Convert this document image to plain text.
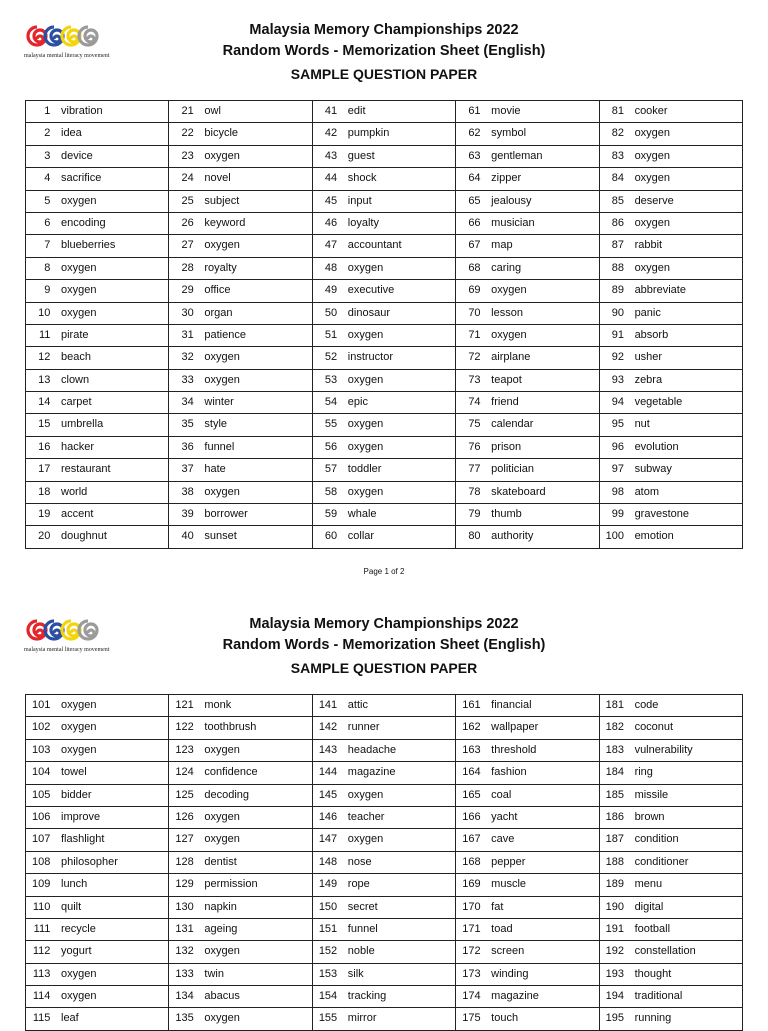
malaysia mental literacy movement
Malaysia Memory Championships 2022
Random Words - Memorization Sheet (English)
SAMPLE QUESTION PAPER
1 vibration	21 owl	41 edit	61 movie	81 cooker

2 idea	22 bicycle	42 pumpkin	62 symbol	82 oxygen

3 device	23 oxygen	43 guest	63 gentleman	83 oxygen

4 sacrifice	24 novel	44 shock	64 zipper	84 oxygen

5 oxygen	25 subject	45 input	65 jealousy	85 deserve

6 encoding	26 keyword	46 loyalty	66 musician	86 oxygen

7 blueberries	27 oxygen	47 accountant	67 map	87 rabbit

8 oxygen	28 royalty	48 oxygen	68 caring	88 oxygen

9 oxygen	29 office	49 executive	69 oxygen	89 abbreviate

10 oxygen	30 organ	50 dinosaur	70 lesson	90 panic

11 pirate	31 patience	51 oxygen	71 oxygen	91 absorb

12 beach	32 oxygen	52 instructor	72 airplane	92 usher

13 clown	33 oxygen	53 oxygen	73 teapot	93 zebra

14 carpet	34 winter	54 epic	74 friend	94 vegetable

15 umbrella	35 style	55 oxygen	75 calendar	95 nut

16 hacker	36 funnel	56 oxygen	76 prison	96 evolution

17 restaurant	37 hate	57 toddler	77 politician	97 subway

18 world	38 oxygen	58 oxygen	78 skateboard	98 atom

19 accent	39 borrower	59 whale	79 thumb	99 gravestone

20 doughnut	40 sunset	60 collar	80 authority	100 emotion
Page 1 of 2
malaysia mental literacy movement
Malaysia Memory Championships 2022
Random Words - Memorization Sheet (English)
SAMPLE QUESTION PAPER
101 oxygen	121 monk	141 attic	161 financial	181 code

102 oxygen	122 toothbrush	142 runner	162 wallpaper	182 coconut

103 oxygen	123 oxygen	143 headache	163 threshold	183 vulnerability

104 towel	124 confidence	144 magazine	164 fashion	184 ring

105 bidder	125 decoding	145 oxygen	165 coal	185 missile

106 improve	126 oxygen	146 teacher	166 yacht	186 brown

107 flashlight	127 oxygen	147 oxygen	167 cave	187 condition

108 philosopher	128 dentist	148 nose	168 pepper	188 conditioner

109 lunch	129 permission	149 rope	169 muscle	189 menu

110 quilt	130 napkin	150 secret	170 fat	190 digital

111 recycle	131 ageing	151 funnel	171 toad	191 football

112 yogurt	132 oxygen	152 noble	172 screen	192 constellation

113 oxygen	133 twin	153 silk	173 winding	193 thought

114 oxygen	134 abacus	154 tracking	174 magazine	194 traditional

115 leaf	135 oxygen	155 mirror	175 touch	195 running
